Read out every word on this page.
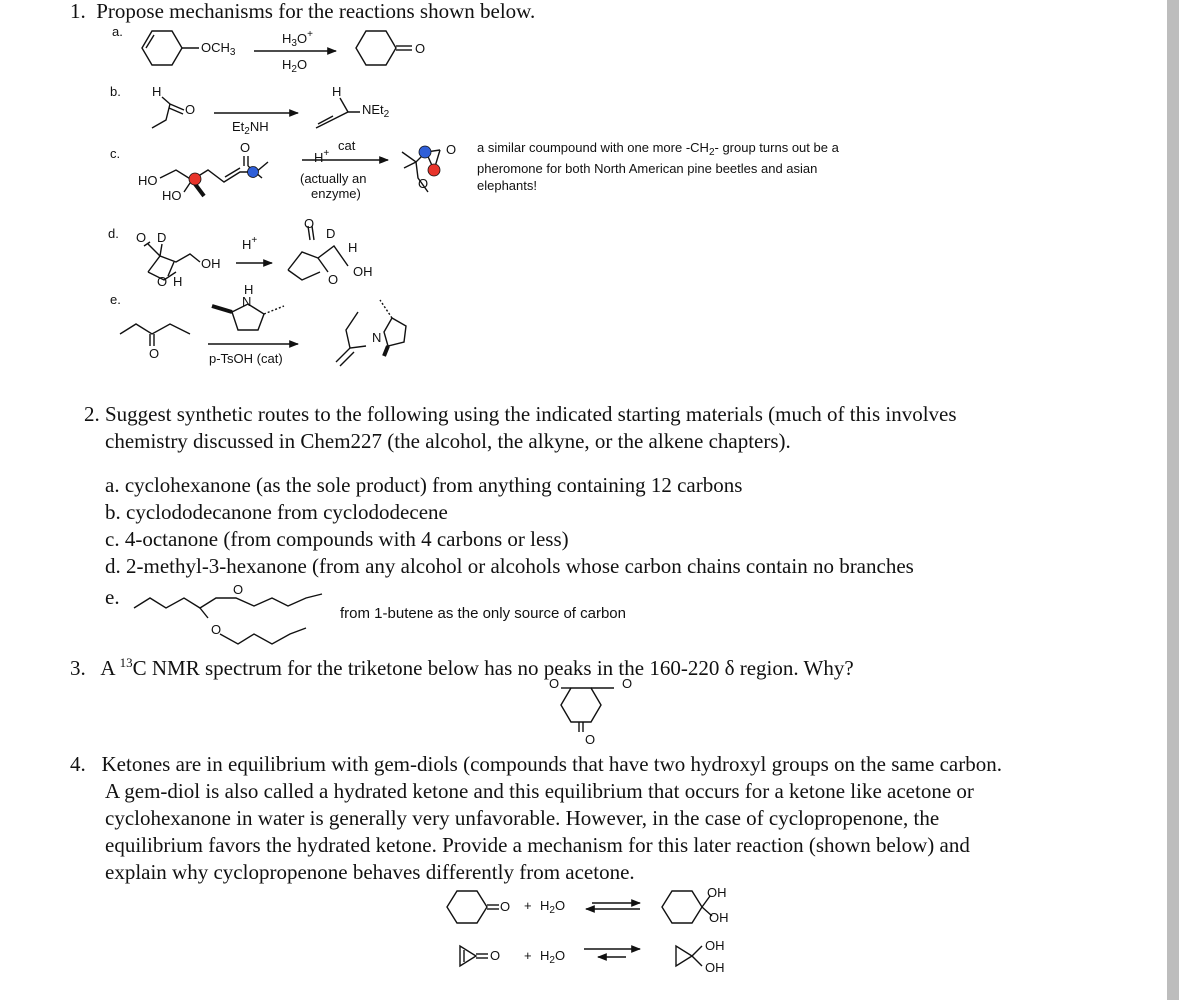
1. Propose mechanisms for the reactions shown below.
a.
$OCH_3$
$H_3O^+$
$H_2O$
O
b. H
O
$Et_2NH$
H
NEt$_2$
c.
HO
HO
O
H+
cat
(actually an
enzyme)
O
O
a similar coumpound with one more $-CH_2-$ group turns out be a
pheromone for both North American pine beetles and asian
elephants!
d. O D
O H
OH
H+
O
D
H
O
OH
e.
O
H
N
p-TsOH (cat)
N
2. Suggest synthetic routes to the following using the indicated starting materials (much of this involves
chemistry discussed in Chem227 (the alcohol, the alkyne, or the alkene chapters).
a. cyclohexanone (as the sole product) from anything containing 12 carbons
b. cyclododecanone from cyclododecene
c. 4-octanone (from compounds with 4 carbons or less)
d. 2-methyl-3-hexanone (from any alcohol or alcohols whose carbon chains contain no branches
e.	O
O
from 1-butene as the only source of carbon
3. A $^{13}$C NMR spectrum for the triketone below has no peaks in the 160-220 δ region. Why?
O	O
O
4. Ketones are in equilibrium with gem-diols (compounds that have two hydroxyl groups on the same carbon.
A gem-diol is also called a hydrated ketone and this equilibrium that occurs for a ketone like acetone or
cyclohexanone in water is generally very unfavorable. However, in the case of cyclopropenone, the
equilibrium favors the hydrated ketone. Provide a mechanism for this later reaction (shown below) and
explain why cyclopropenone behaves differently from acetone.
$O + H_2O$
OH
OH
$O + H_2O$
OH
OH
